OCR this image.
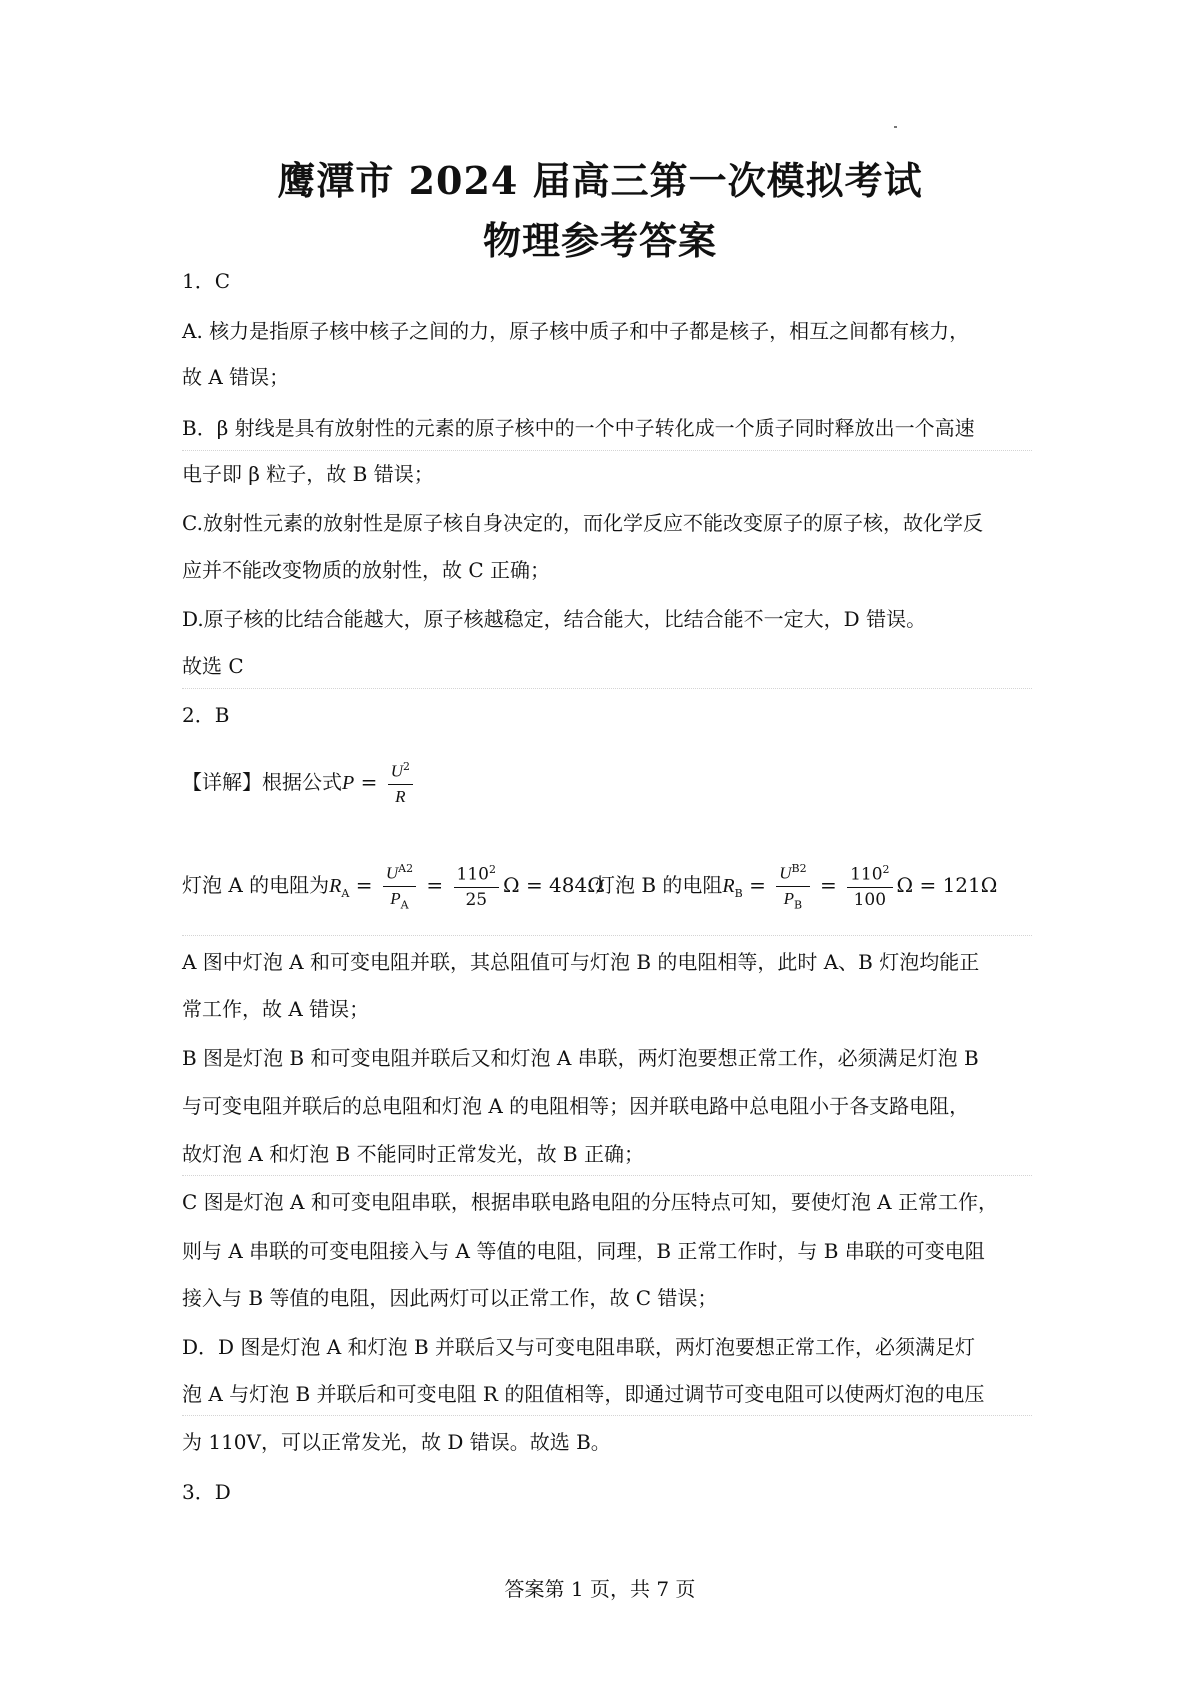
鹰潭市 2024 届高三第一次模拟考试
物理参考答案
1．C
A. 核力是指原子核中核子之间的力，原子核中质子和中子都是核子，相互之间都有核力，
故 A 错误；
B．β 射线是具有放射性的元素的原子核中的一个中子转化成一个质子同时释放出一个高速
电子即 β 粒子，故 B 错误；
C.放射性元素的放射性是原子核自身决定的，而化学反应不能改变原子的原子核，故化学反
应并不能改变物质的放射性，故 C 正确；
D.原子核的比结合能越大，原子核越稳定，结合能大，比结合能不一定大，D 错误。
故选 C
2．B
【详解】根据公式$P = \frac{U^2}{R}$
灯泡 A 的电阻为$R_A = \frac{U^{A2}}{P_A} = \frac{110^2}{25}$ Ω = 484Ω
灯泡 B 的电阻$R_B = \frac{U^{B2}}{P_B} = \frac{110^2}{100}$ Ω = 121Ω
A 图中灯泡 A 和可变电阻并联，其总阻值可与灯泡 B 的电阻相等，此时 A、B 灯泡均能正
常工作，故 A 错误；
B 图是灯泡 B 和可变电阻并联后又和灯泡 A 串联，两灯泡要想正常工作，必须满足灯泡 B
与可变电阻并联后的总电阻和灯泡 A 的电阻相等；因并联电路中总电阻小于各支路电阻，
故灯泡 A 和灯泡 B 不能同时正常发光，故 B 正确；
C 图是灯泡 A 和可变电阻串联，根据串联电路电阻的分压特点可知，要使灯泡 A 正常工作，
则与 A 串联的可变电阻接入与 A 等值的电阻，同理，B 正常工作时，与 B 串联的可变电阻
接入与 B 等值的电阻，因此两灯可以正常工作，故 C 错误；
D．D 图是灯泡 A 和灯泡 B 并联后又与可变电阻串联，两灯泡要想正常工作，必须满足灯
泡 A 与灯泡 B 并联后和可变电阻 R 的阻值相等，即通过调节可变电阻可以使两灯泡的电压
为 110V，可以正常发光，故 D 错误。故选 B。
3．D
答案第 1 页，共 7 页
